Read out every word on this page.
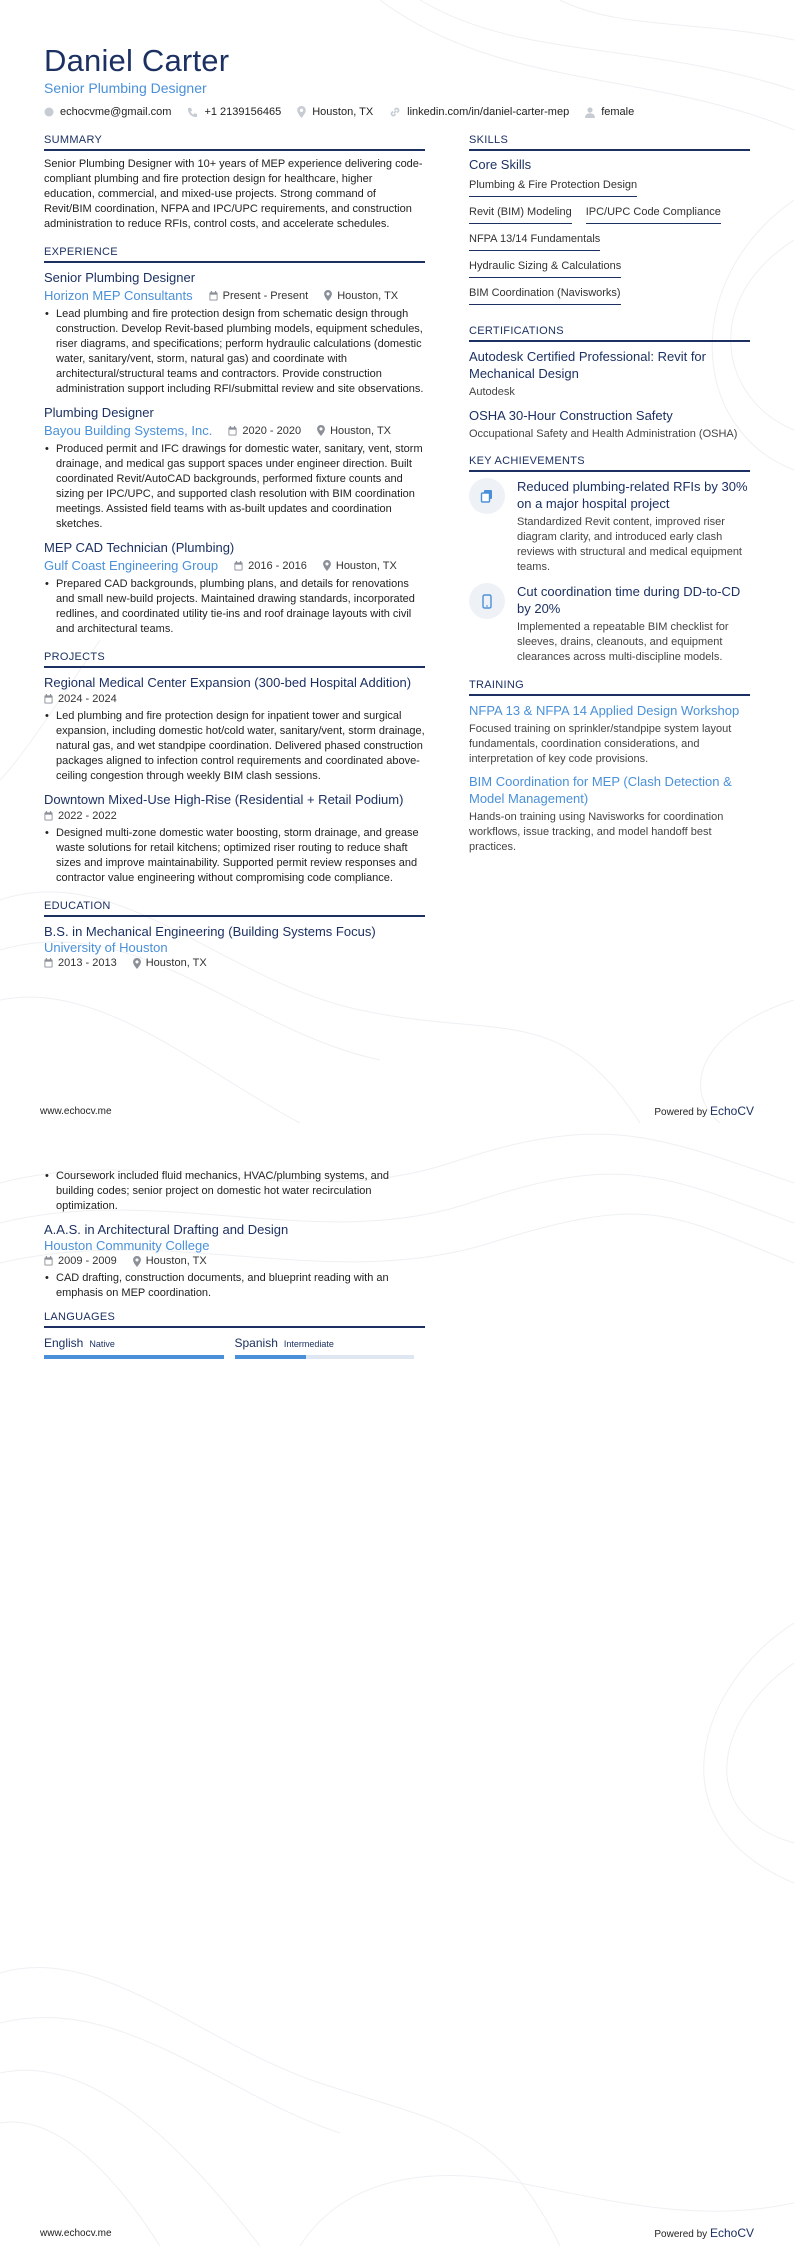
Daniel Carter
Senior Plumbing Designer
echocvme@gmail.com	+1 2139156465	Houston, TX	linkedin.com/in/daniel-carter-mep	female
SUMMARY
Senior Plumbing Designer with 10+ years of MEP experience delivering code-compliant plumbing and fire protection design for healthcare, higher education, commercial, and mixed-use projects. Strong command of Revit/BIM coordination, NFPA and IPC/UPC requirements, and construction administration to reduce RFIs, control costs, and accelerate schedules.
EXPERIENCE
Senior Plumbing Designer
Horizon MEP Consultants	Present - Present	Houston, TX
• Lead plumbing and fire protection design from schematic design through construction. Develop Revit-based plumbing models, equipment schedules, riser diagrams, and specifications; perform hydraulic calculations (domestic water, sanitary/vent, storm, natural gas) and coordinate with architectural/structural teams and contractors. Provide construction administration support including RFI/submittal review and site observations.
Plumbing Designer
Bayou Building Systems, Inc.	2020 - 2020	Houston, TX
• Produced permit and IFC drawings for domestic water, sanitary, vent, storm drainage, and medical gas support spaces under engineer direction. Built coordinated Revit/AutoCAD backgrounds, performed fixture counts and sizing per IPC/UPC, and supported clash resolution with BIM coordination meetings. Assisted field teams with as-built updates and coordination sketches.
MEP CAD Technician (Plumbing)
Gulf Coast Engineering Group	2016 - 2016	Houston, TX
• Prepared CAD backgrounds, plumbing plans, and details for renovations and small new-build projects. Maintained drawing standards, incorporated redlines, and coordinated utility tie-ins and roof drainage layouts with civil and architectural teams.
PROJECTS
Regional Medical Center Expansion (300-bed Hospital Addition)
2024 - 2024
• Led plumbing and fire protection design for inpatient tower and surgical expansion, including domestic hot/cold water, sanitary/vent, storm drainage, natural gas, and wet standpipe coordination. Delivered phased construction packages aligned to infection control requirements and coordinated above-ceiling congestion through weekly BIM clash sessions.
Downtown Mixed-Use High-Rise (Residential + Retail Podium)
2022 - 2022
• Designed multi-zone domestic water boosting, storm drainage, and grease waste solutions for retail kitchens; optimized riser routing to reduce shaft sizes and improve maintainability. Supported permit review responses and contractor value engineering without compromising code compliance.
EDUCATION
B.S. in Mechanical Engineering (Building Systems Focus)
University of Houston
2013 - 2013	Houston, TX
SKILLS
Core Skills
Plumbing & Fire Protection Design
Revit (BIM) Modeling IPC/UPC Code Compliance
NFPA 13/14 Fundamentals
Hydraulic Sizing & Calculations
BIM Coordination (Navisworks)
CERTIFICATIONS
Autodesk Certified Professional: Revit for Mechanical Design
Autodesk
OSHA 30-Hour Construction Safety
Occupational Safety and Health Administration (OSHA)
KEY ACHIEVEMENTS
Reduced plumbing-related RFIs by 30% on a major hospital project
Standardized Revit content, improved riser diagram clarity, and introduced early clash reviews with structural and medical equipment teams.
Cut coordination time during DD-to-CD by 20%
Implemented a repeatable BIM checklist for sleeves, drains, cleanouts, and equipment clearances across multi-discipline models.
TRAINING
NFPA 13 & NFPA 14 Applied Design Workshop
Focused training on sprinkler/standpipe system layout fundamentals, coordination considerations, and interpretation of key code provisions.
BIM Coordination for MEP (Clash Detection & Model Management)
Hands-on training using Navisworks for coordination workflows, issue tracking, and model handoff best practices.
www.echocv.me	Powered by EchoCV
• Coursework included fluid mechanics, HVAC/plumbing systems, and building codes; senior project on domestic hot water recirculation optimization.
A.A.S. in Architectural Drafting and Design
Houston Community College
2009 - 2009	Houston, TX
• CAD drafting, construction documents, and blueprint reading with an emphasis on MEP coordination.
LANGUAGES
English Native	Spanish Intermediate
www.echocv.me	Powered by EchoCV
